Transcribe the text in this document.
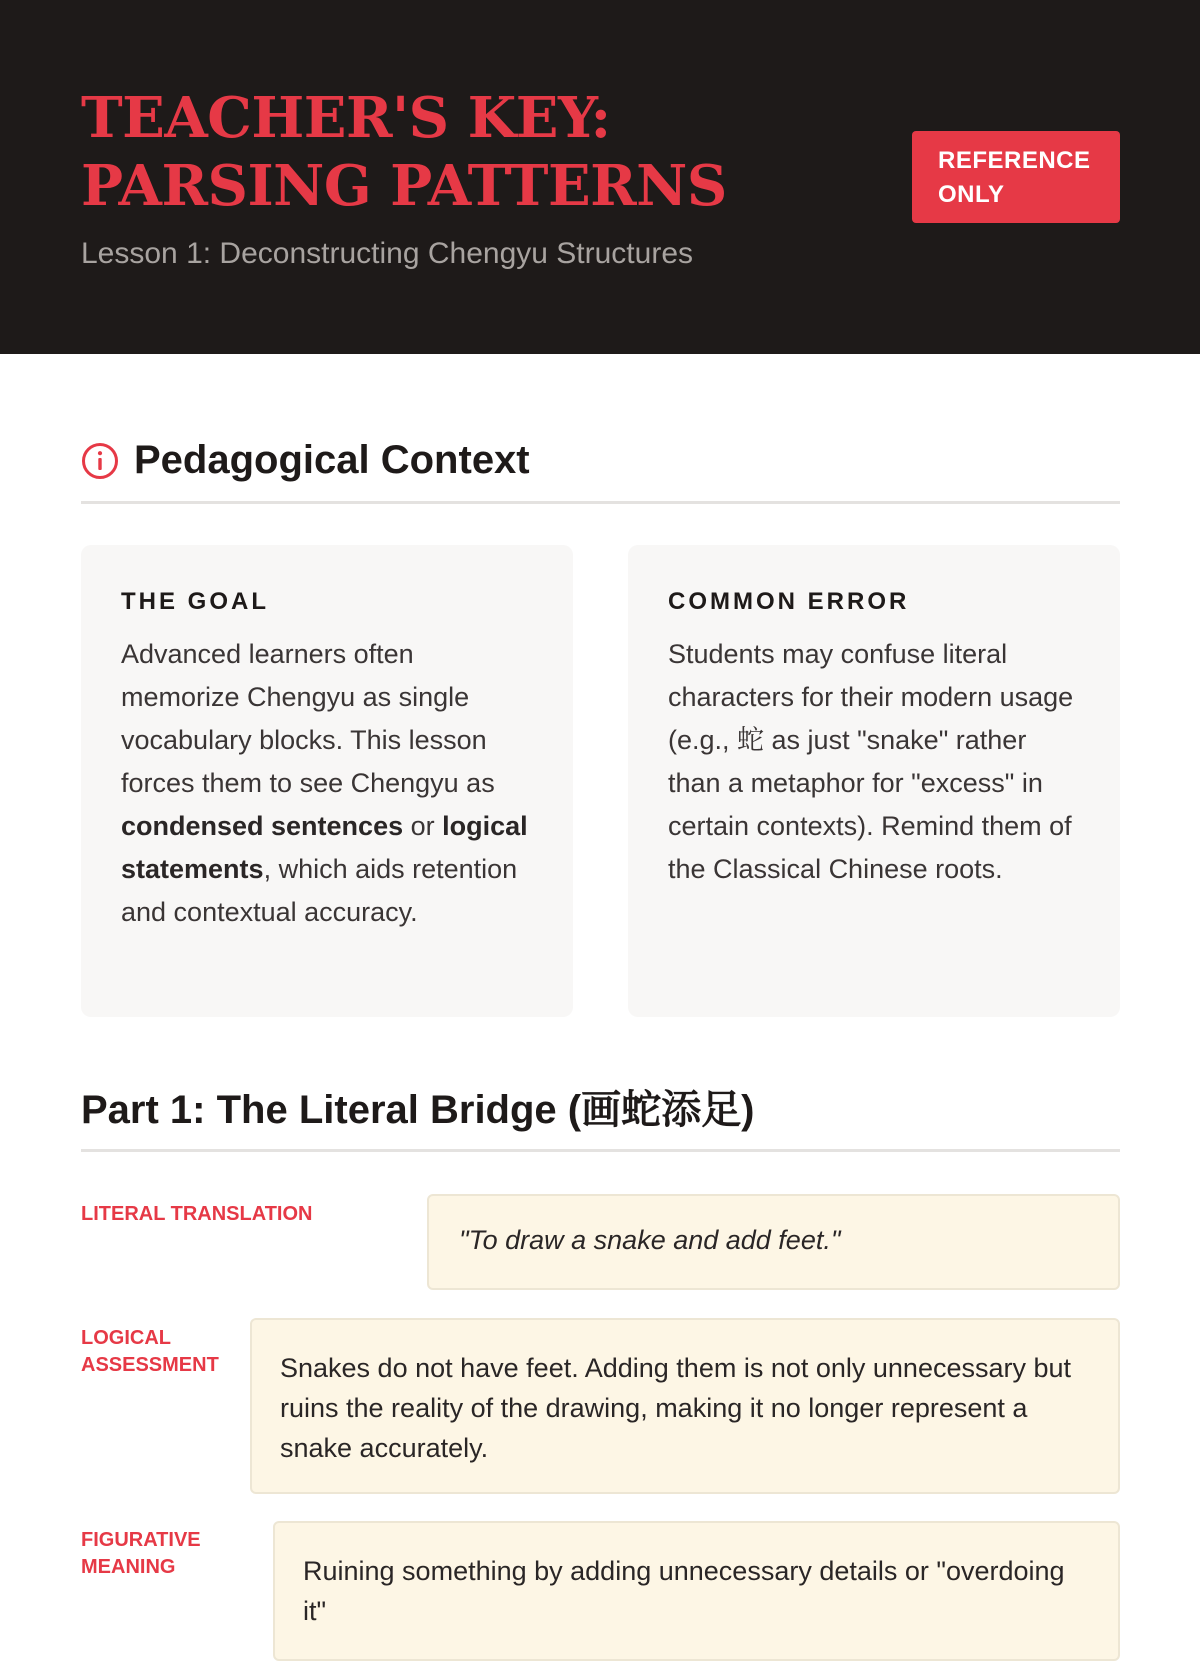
TEACHER'S KEY: PARSING PATTERNS
Lesson 1: Deconstructing Chengyu Structures
REFERENCE ONLY
Pedagogical Context
THE GOAL

Advanced learners often memorize Chengyu as single vocabulary blocks. This lesson forces them to see Chengyu as condensed sentences or logical statements, which aids retention and contextual accuracy.

COMMON ERROR

Students may confuse literal characters for their modern usage (e.g., 蛇 as just "snake" rather than a metaphor for "excess" in certain contexts). Remind them of the Classical Chinese roots.

Part 1: The Literal Bridge (画蛇添足)
LITERAL TRANSLATION
"To draw a snake and add feet."
LOGICAL ASSESSMENT	Snakes do not have feet. Adding them is not only unnecessary but ruins the reality of the drawing, making it no longer represent a snake accurately.
FIGURATIVE MEANING	Ruining something by adding unnecessary details or "overdoing it"
